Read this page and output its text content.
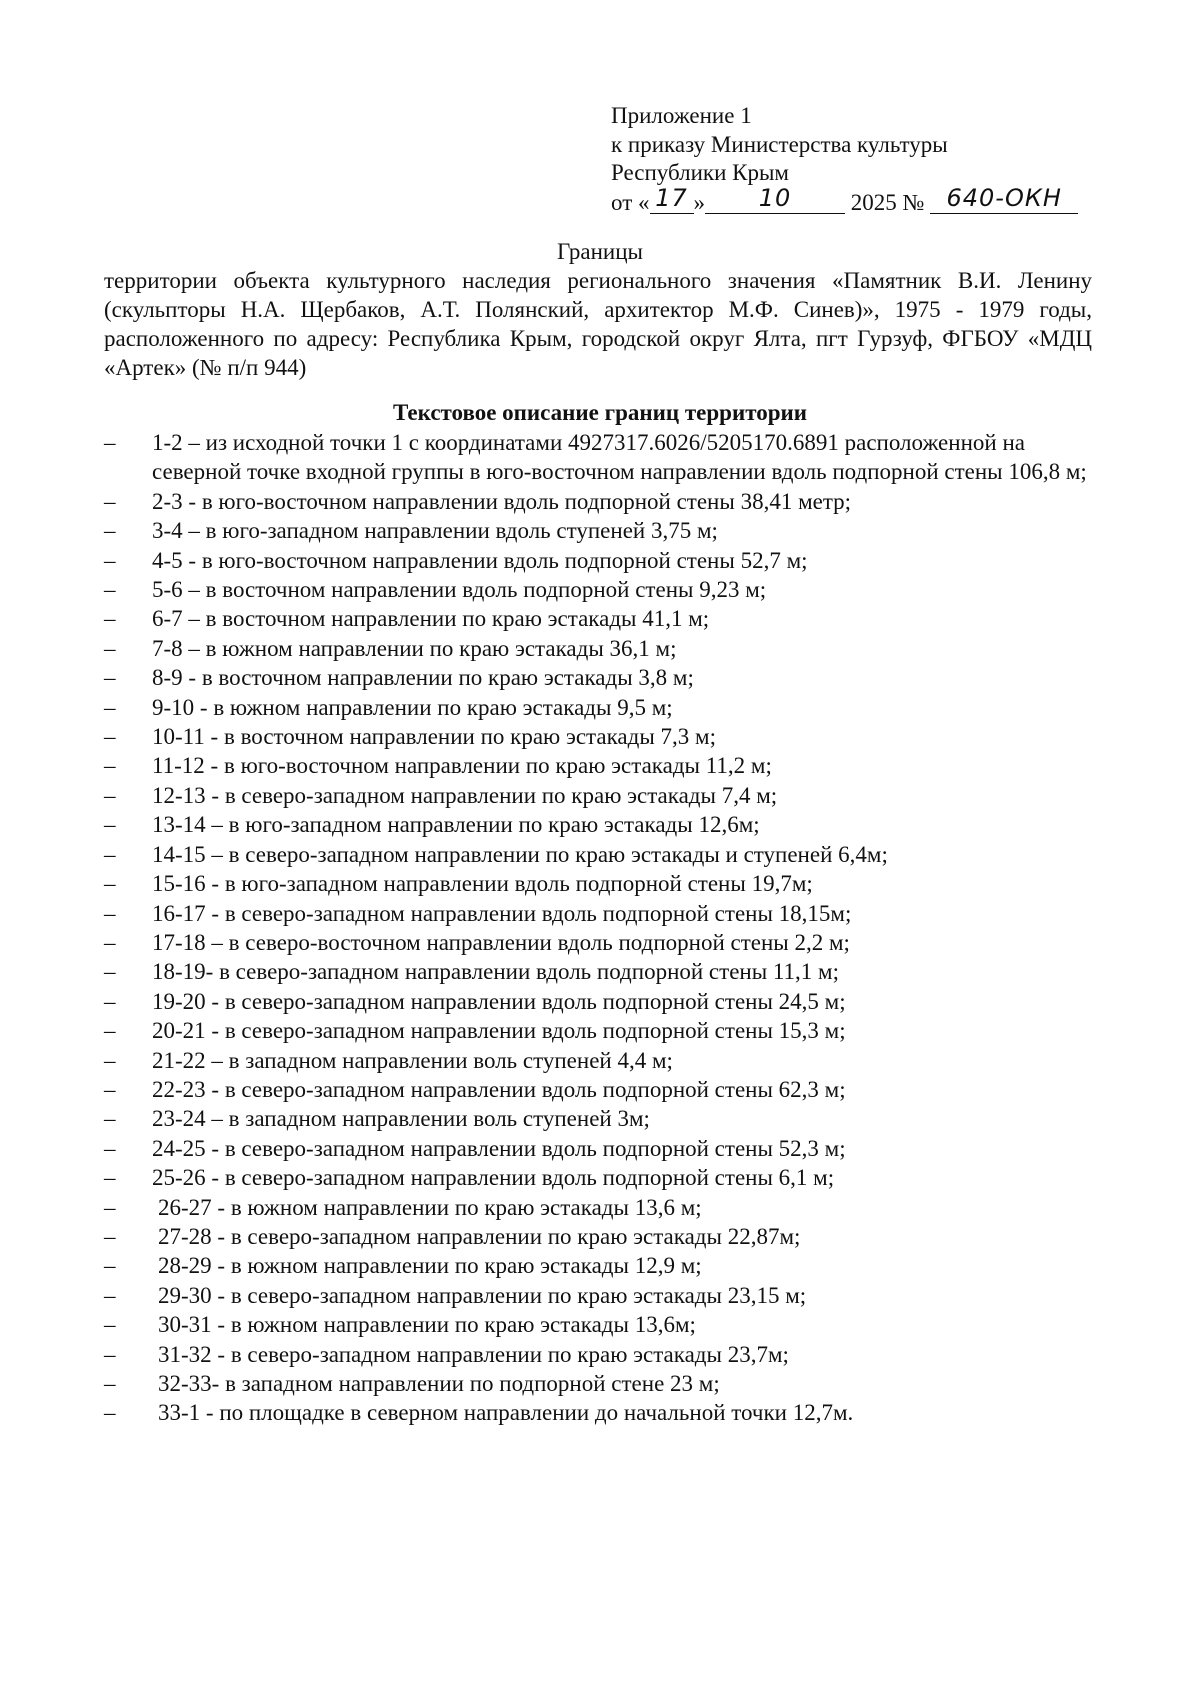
Приложение 1
к приказу Министерства культуры
Республики Крым
от « 17 » 10	2025 № 640-ОКН
Границы
территории объекта культурного наследия регионального значения «Памятник В.И. Ленину (скульпторы Н.А. Щербаков, А.Т. Полянский, архитектор М.Ф. Синев)», 1975 - 1979 годы, расположенного по адресу: Республика Крым, городской округ Ялта, пгт Гурзуф, ФГБОУ «МДЦ «Артек» (№ п/п 944)
Текстовое описание границ территории
– 1-2 – из исходной точки 1 с координатами 4927317.6026/5205170.6891 расположенной на северной точке входной группы в юго-восточном направлении вдоль подпорной стены 106,8 м;
– 2-3 - в юго-восточном направлении вдоль подпорной стены 38,41 метр;
– 3-4 – в юго-западном направлении вдоль ступеней 3,75 м;
– 4-5 - в юго-восточном направлении вдоль подпорной стены 52,7 м;
– 5-6 – в восточном направлении вдоль подпорной стены 9,23 м;
– 6-7 – в восточном направлении по краю эстакады 41,1 м;
– 7-8 – в южном направлении по краю эстакады 36,1 м;
– 8-9 - в восточном направлении по краю эстакады 3,8 м;
– 9-10 - в южном направлении по краю эстакады 9,5 м;
– 10-11 - в восточном направлении по краю эстакады 7,3 м;
– 11-12 - в юго-восточном направлении по краю эстакады 11,2 м;
– 12-13 - в северо-западном направлении по краю эстакады 7,4 м;
– 13-14 – в юго-западном направлении по краю эстакады 12,6м;
– 14-15 – в северо-западном направлении по краю эстакады и ступеней 6,4м;
– 15-16 - в юго-западном направлении вдоль подпорной стены 19,7м;
– 16-17 - в северо-западном направлении вдоль подпорной стены 18,15м;
– 17-18 – в северо-восточном направлении вдоль подпорной стены 2,2 м;
– 18-19- в северо-западном направлении вдоль подпорной стены 11,1 м;
– 19-20 - в северо-западном направлении вдоль подпорной стены 24,5 м;
– 20-21 - в северо-западном направлении вдоль подпорной стены 15,3 м;
– 21-22 – в западном направлении воль ступеней 4,4 м;
– 22-23 - в северо-западном направлении вдоль подпорной стены 62,3 м;
– 23-24 – в западном направлении воль ступеней 3м;
– 24-25 - в северо-западном направлении вдоль подпорной стены 52,3 м;
– 25-26 - в северо-западном направлении вдоль подпорной стены 6,1 м;
– 26-27 - в южном направлении по краю эстакады 13,6 м;
– 27-28 - в северо-западном направлении по краю эстакады 22,87м;
– 28-29 - в южном направлении по краю эстакады 12,9 м;
– 29-30 - в северо-западном направлении по краю эстакады 23,15 м;
– 30-31 - в южном направлении по краю эстакады 13,6м;
– 31-32 - в северо-западном направлении по краю эстакады 23,7м;
– 32-33- в западном направлении по подпорной стене 23 м;
– 33-1 - по площадке в северном направлении до начальной точки 12,7м.
